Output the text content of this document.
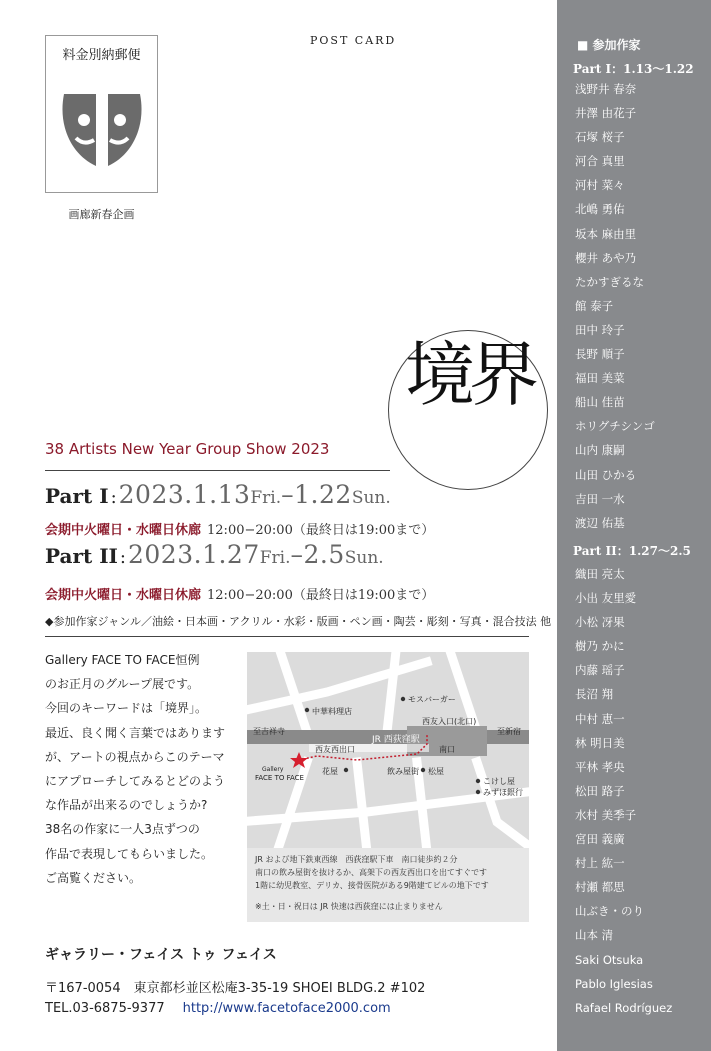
料金別納郵便
画廊新春企画
POST CARD
境界
38 Artists New Year Group Show 2023
Part I :2023.1.13Fri.–1.22Sun.
会期中火曜日・水曜日休廊 12:00−20:00（最終日は19:00まで）
Part II :2023.1.27Fri.–2.5Sun.
会期中火曜日・水曜日休廊 12:00−20:00（最終日は19:00まで）
◆参加作家ジャンル／油絵・日本画・アクリル・水彩・版画・ペン画・陶芸・彫刻・写真・混合技法 他

Gallery FACE TO FACE恒例

のお正月のグループ展です。

今回のキーワードは「境界」。

最近、良く聞く言葉ではあります

が、アートの視点からこのテーマ

にアプローチしてみるとどのよう

な作品が出来るのでしょうか?

38名の作家に一人3点ずつの

作品で表現してもらいました。

ご高覧ください。

中華料理店
モスバーガー
西友入口(北口)
至吉祥寺	至新宿
JR 西荻窪駅
西友西出口	南口
Gallery
FACE TO FACE
花屋	飲み屋街 松屋
こけし屋
みずほ銀行
JR および地下鉄東西線　西荻窪駅下車　南口徒歩約２分
南口の飲み屋街を抜けるか、高架下の西友西出口を出てすぐです
1階に幼児教室、デリカ、接骨医院がある9階建てビルの地下です
※土・日・祝日は JR 快速は西荻窪には止まりません
ギャラリー・フェイス トゥ フェイス
〒167-0054　東京都杉並区松庵3-35-19 SHOEI BLDG.2 #102
TEL.03-6875-9377 http://www.facetoface2000.com
■ 参加作家
Part I：1.13〜1.22
浅野井 春奈
井澤 由花子
石塚 桜子
河合 真里
河村 菜々
北嶋 勇佑
坂本 麻由里
櫻井 あや乃
たかすぎるな
館 泰子
田中 玲子
長野 順子
福田 美菜
船山 佳苗
ホリグチシンゴ
山内 康嗣
山田 ひかる
吉田 一水
渡辺 佑基
Part II：1.27〜2.5
織田 亮太
小出 友里愛
小松 冴果
樹乃 かに
内藤 瑶子
長沼 翔
中村 恵一
林 明日美
平林 孝央
松田 路子
水村 美季子
宮田 義廣
村上 紘一
村瀬 都思
山ぶき・のり
山本 清
Saki Otsuka
Pablo Iglesias
Rafael Rodríguez
